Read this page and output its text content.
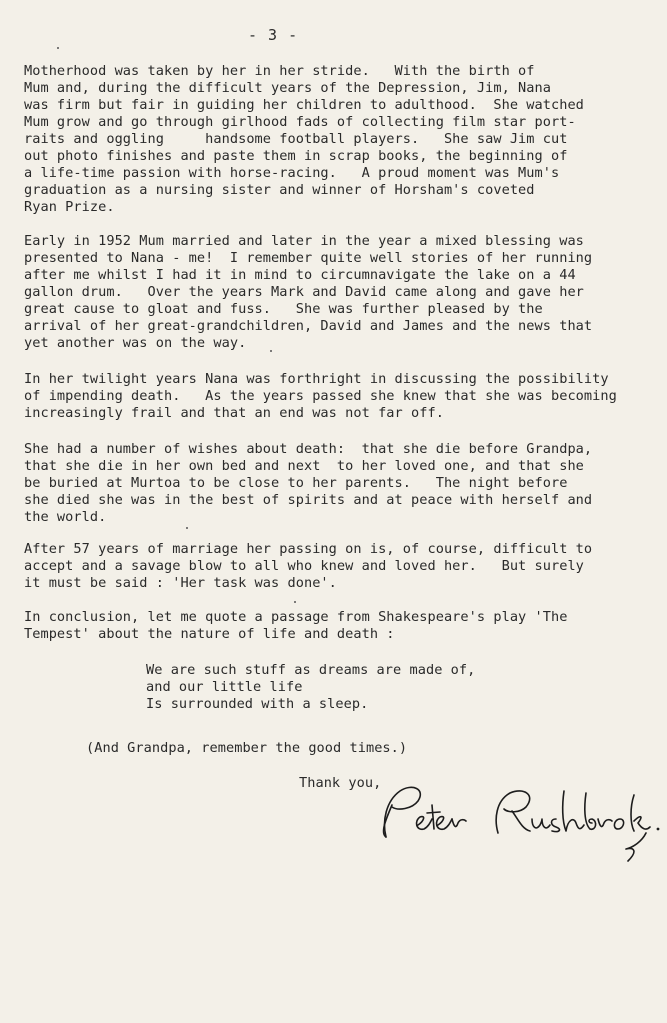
- 3 -
Motherhood was taken by her in her stride.   With the birth of
Mum and, during the difficult years of the Depression, Jim, Nana
was firm but fair in guiding her children to adulthood.  She watched
Mum grow and go through girlhood fads of collecting film star port-
raits and oggling     handsome football players.   She saw Jim cut
out photo finishes and paste them in scrap books, the beginning of
a life-time passion with horse-racing.   A proud moment was Mum's
graduation as a nursing sister and winner of Horsham's coveted
Ryan Prize.
Early in 1952 Mum married and later in the year a mixed blessing was
presented to Nana - me!  I remember quite well stories of her running
after me whilst I had it in mind to circumnavigate the lake on a 44
gallon drum.   Over the years Mark and David came along and gave her
great cause to gloat and fuss.   She was further pleased by the
arrival of her great-grandchildren, David and James and the news that
yet another was on the way.
In her twilight years Nana was forthright in discussing the possibility
of impending death.   As the years passed she knew that she was becoming
increasingly frail and that an end was not far off.
She had a number of wishes about death:  that she die before Grandpa,
that she die in her own bed and next  to her loved one, and that she
be buried at Murtoa to be close to her parents.   The night before
she died she was in the best of spirits and at peace with herself and
the world.
After 57 years of marriage her passing on is, of course, difficult to
accept and a savage blow to all who knew and loved her.   But surely
it must be said : 'Her task was done'.
In conclusion, let me quote a passage from Shakespeare's play 'The
Tempest' about the nature of life and death :
We are such stuff as dreams are made of,
and our little life
Is surrounded with a sleep.
(And Grandpa, remember the good times.)
Thank you,
